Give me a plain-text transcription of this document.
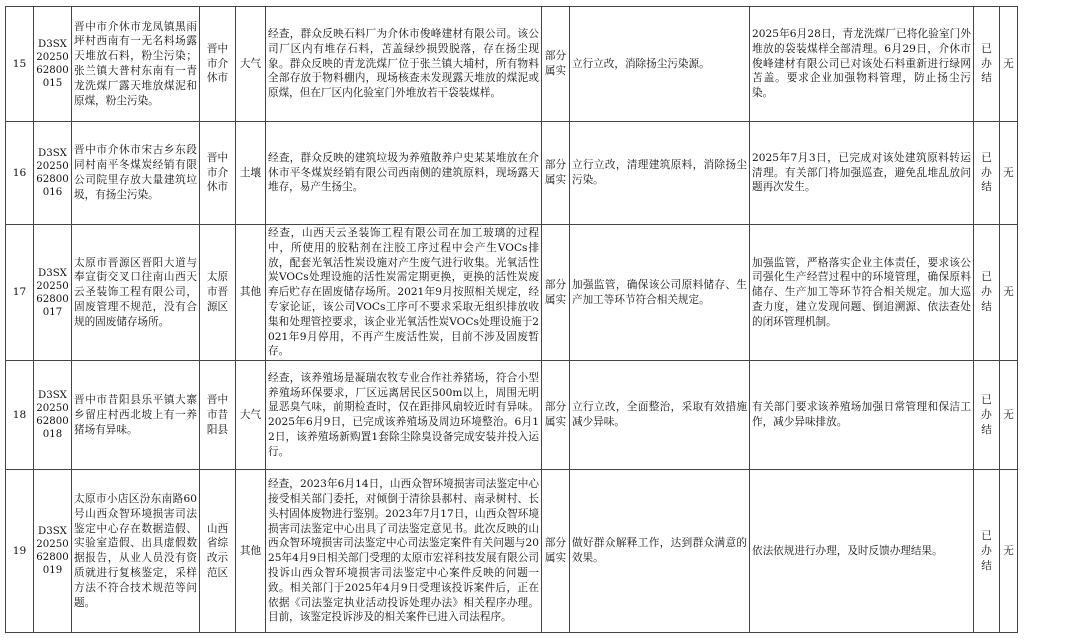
15	D3SX2025062800015	晋中市介休市龙凤镇黑雨坪村西南有一无名料场露天堆放石料，粉尘污染；张兰镇大普村东南有一青龙洗煤厂露天堆放煤泥和原煤，粉尘污染。	晋中市介休市	大气	经查，群众反映石料厂为介休市俊峰建材有限公司。该公司厂区内有堆存石料，苫盖绿纱损毁脱落，存在扬尘现象。群众反映的青龙洗煤厂位于张兰镇大埔村，所有物料全部存放于物料棚内，现场核查未发现露天堆放的煤泥或原煤，但在厂区内化验室门外堆放若干袋装煤样。	部分属实	立行立改，消除扬尘污染源。	2025年6月28日，青龙洗煤厂已将化验室门外堆放的袋装煤样全部清理。6月29日，介休市俊峰建材有限公司已对该处石料重新进行绿网苫盖。要求企业加强物料管理，防止扬尘污染。	已办结	无
16	D3SX2025062800016	晋中市介休市宋古乡东段同村南平冬煤炭经销有限公司院里存放大量建筑垃圾，有扬尘污染。	晋中市介休市	土壤	经查，群众反映的建筑垃圾为养殖散养户史某某堆放在介休市平冬煤炭经销有限公司西南侧的建筑原料，现场露天堆存，易产生扬尘。	部分属实	立行立改，清理建筑原料，消除扬尘污染。	2025年7月3日，已完成对该处建筑原料转运清理。有关部门将加强巡查，避免乱堆乱放问题再次发生。	已办结	无
17	D3SX2025062800017	太原市晋源区晋阳大道与奉宣街交叉口往南山西天云圣装饰工程有限公司，固废管理不规范，没有合规的固废储存场所。	太原市晋源区	其他	经查，山西天云圣装饰工程有限公司在加工玻璃的过程中，所使用的胶粘剂在注胶工序过程中会产生VOCs排放，配套光氧活性炭设施对产生废气进行收集。光氧活性炭VOCs处理设施的活性炭需定期更换，更换的活性炭废弃后贮存在固废储存场所。2021年9月按照相关规定，经专家论证，该公司VOCs工序可不要求采取无组织排放收集和处理管控要求，该企业光氧活性炭VOCs处理设施于2021年9月停用，不再产生废活性炭，目前不涉及固废暂存。	部分属实	加强监管，确保该公司原料储存、生产加工等环节符合相关规定。	加强监管，严格落实企业主体责任，要求该公司强化生产经营过程中的环境管理，确保原料储存、生产加工等环节符合相关规定。加大巡查力度，建立发现问题、倒追溯源、依法查处的闭环管理机制。	已办结	无
18	D3SX2025062800018	晋中市昔阳县乐平镇大寨乡留庄村西北坡上有一养猪场有异味。	晋中市昔阳县	大气	经查，该养殖场是凝瑞农牧专业合作社养猪场，符合小型养殖场环保要求，厂区远离居民区500m以上，周围无明显恶臭气味，前期检查时，仅在距排风扇较近时有异味。2025年6月9日，已完成该养殖场及周边环境整治。6月12日，该养殖场新购置1套除尘除臭设备完成安装并投入运行。	部分属实	立行立改，全面整治，采取有效措施减少异味。	有关部门要求该养殖场加强日常管理和保洁工作，减少异味排放。	已办结	无
19	D3SX2025062800019	太原市小店区汾东南路60号山西众智环境损害司法鉴定中心存在数据造假、实验室造假、出具虚假数据报告，从业人员没有资质就进行复核鉴定，采样方法不符合技术规范等问题。	山西省综改示范区	其他	经查，2023年6月14日，山西众智环境损害司法鉴定中心接受相关部门委托，对倾倒于清徐县郝村、南录树村、长头村固体废物进行鉴别。2023年7月17日，山西众智环境损害司法鉴定中心出具了司法鉴定意见书。此次反映的山西众智环境损害司法鉴定中心司法鉴定案件有关问题与2025年4月9日相关部门受理的太原市宏祥科技发展有限公司投诉山西众智环境损害司法鉴定中心案件反映的问题一致。相关部门于2025年4月9日受理该投诉案件后，正在依据《司法鉴定执业活动投诉处理办法》相关程序办理。目前，该鉴定投诉涉及的相关案件已进入司法程序。	部分属实	做好群众解释工作，达到群众满意的效果。	依法依规进行办理，及时反馈办理结果。	已办结	无
